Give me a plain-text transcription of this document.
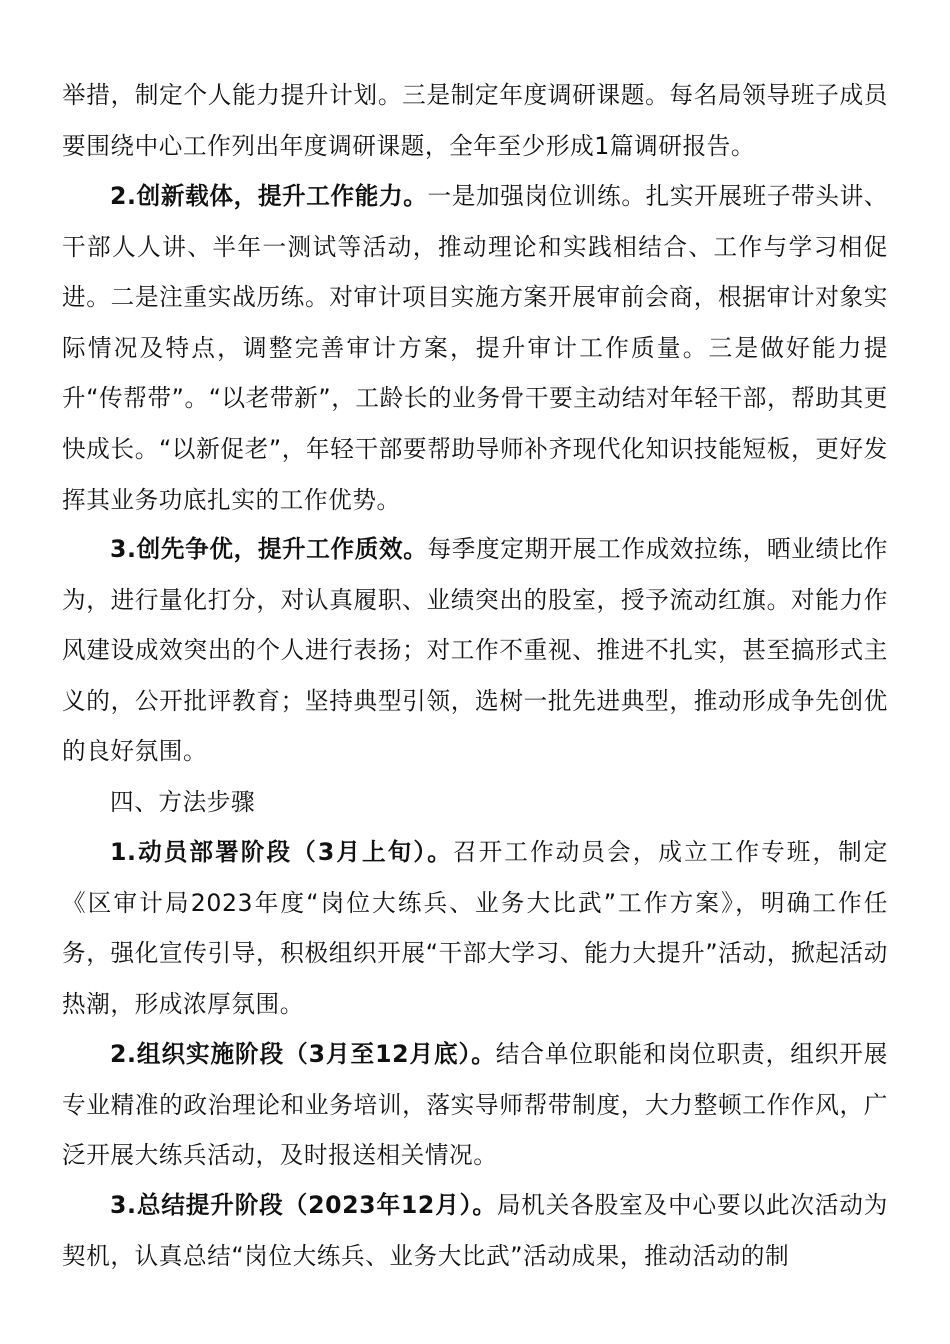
举措，制定个人能力提升计划。三是制定年度调研课题。每名局领导班子成员要围绕中心工作列出年度调研课题，全年至少形成1篇调研报告。

2.创新载体，提升工作能力。一是加强岗位训练。扎实开展班子带头讲、干部人人讲、半年一测试等活动，推动理论和实践相结合、工作与学习相促进。二是注重实战历练。对审计项目实施方案开展审前会商，根据审计对象实际情况及特点，调整完善审计方案，提升审计工作质量。三是做好能力提升“传帮带”。“以老带新”，工龄长的业务骨干要主动结对年轻干部，帮助其更快成长。“以新促老”，年轻干部要帮助导师补齐现代化知识技能短板，更好发挥其业务功底扎实的工作优势。

3.创先争优，提升工作质效。每季度定期开展工作成效拉练，晒业绩比作为，进行量化打分，对认真履职、业绩突出的股室，授予流动红旗。对能力作风建设成效突出的个人进行表扬；对工作不重视、推进不扎实，甚至搞形式主义的，公开批评教育；坚持典型引领，选树一批先进典型，推动形成争先创优的良好氛围。

四、方法步骤

1.动员部署阶段（3月上旬）。召开工作动员会，成立工作专班，制定《区审计局2023年度“岗位大练兵、业务大比武”工作方案》，明确工作任务，强化宣传引导，积极组织开展“干部大学习、能力大提升”活动，掀起活动热潮，形成浓厚氛围。

2.组织实施阶段（3月至12月底）。结合单位职能和岗位职责，组织开展专业精准的政治理论和业务培训，落实导师帮带制度，大力整顿工作作风，广泛开展大练兵活动，及时报送相关情况。

3.总结提升阶段（2023年12月）。局机关各股室及中心要以此次活动为契机，认真总结“岗位大练兵、业务大比武”活动成果，推动活动的制
